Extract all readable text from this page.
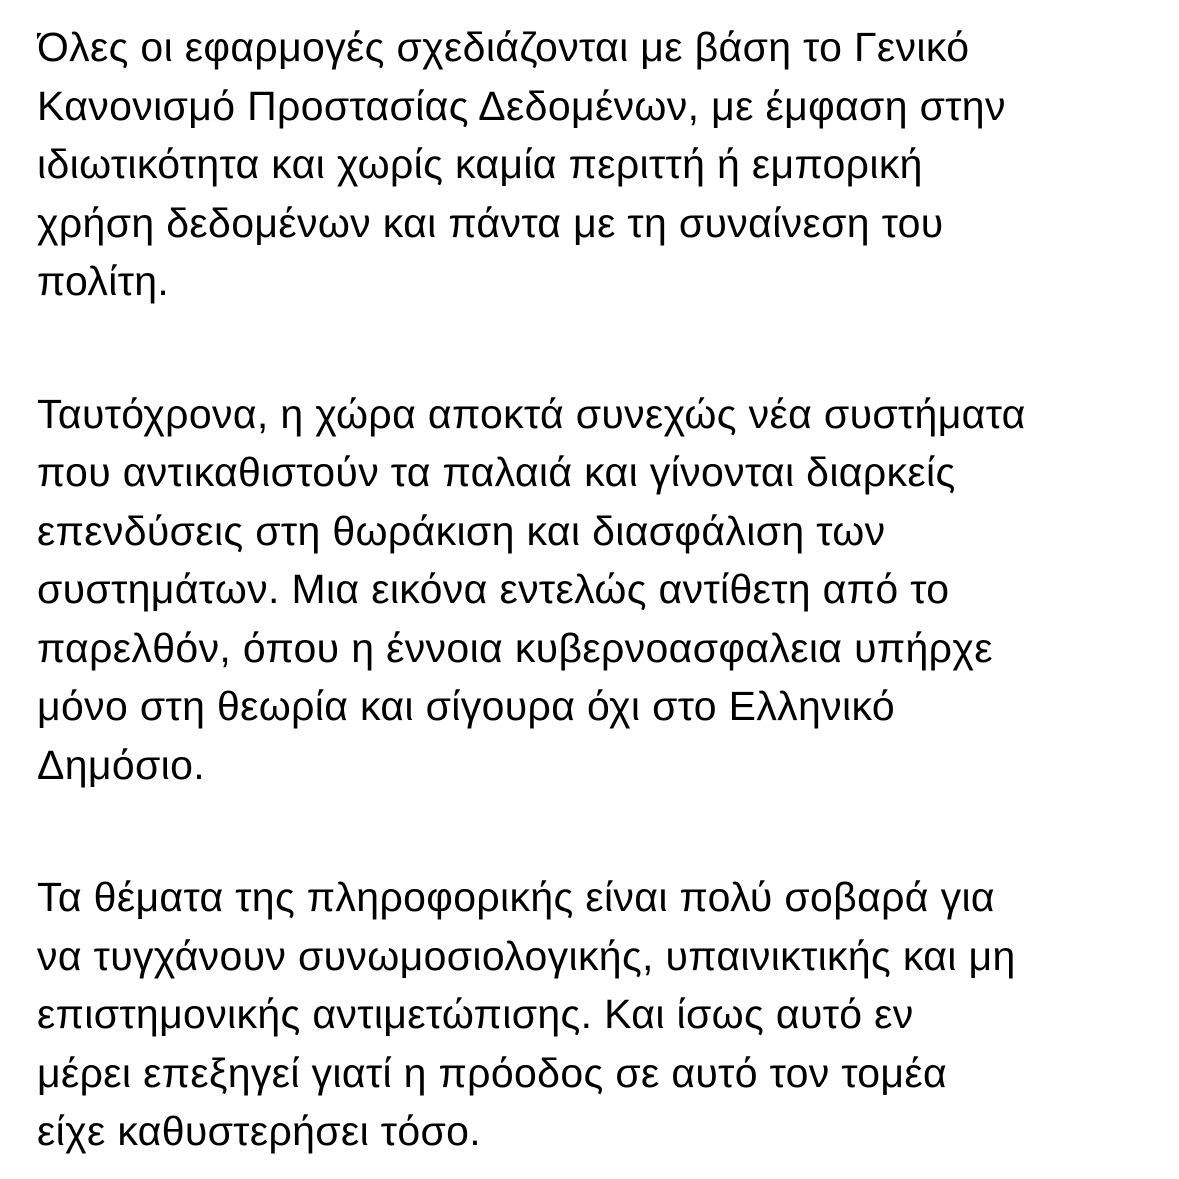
Όλες οι εφαρμογές σχεδιάζονται με βάση το Γενικό
Κανονισμό Προστασίας Δεδομένων, με έμφαση στην
ιδιωτικότητα και χωρίς καμία περιττή ή εμπορική
χρήση δεδομένων και πάντα με τη συναίνεση του
πολίτη.

Ταυτόχρονα, η χώρα αποκτά συνεχώς νέα συστήματα
που αντικαθιστούν τα παλαιά και γίνονται διαρκείς
επενδύσεις στη θωράκιση και διασφάλιση των
συστημάτων. Μια εικόνα εντελώς αντίθετη από το
παρελθόν, όπου η έννοια κυβερνοασφαλεια υπήρχε
μόνο στη θεωρία και σίγουρα όχι στο Ελληνικό
Δημόσιο.

Τα θέματα της πληροφορικής είναι πολύ σοβαρά για
να τυγχάνουν συνωμοσιολογικής, υπαινικτικής και μη
επιστημονικής αντιμετώπισης. Και ίσως αυτό εν
μέρει επεξηγεί γιατί η πρόοδος σε αυτό τον τομέα
είχε καθυστερήσει τόσο.
